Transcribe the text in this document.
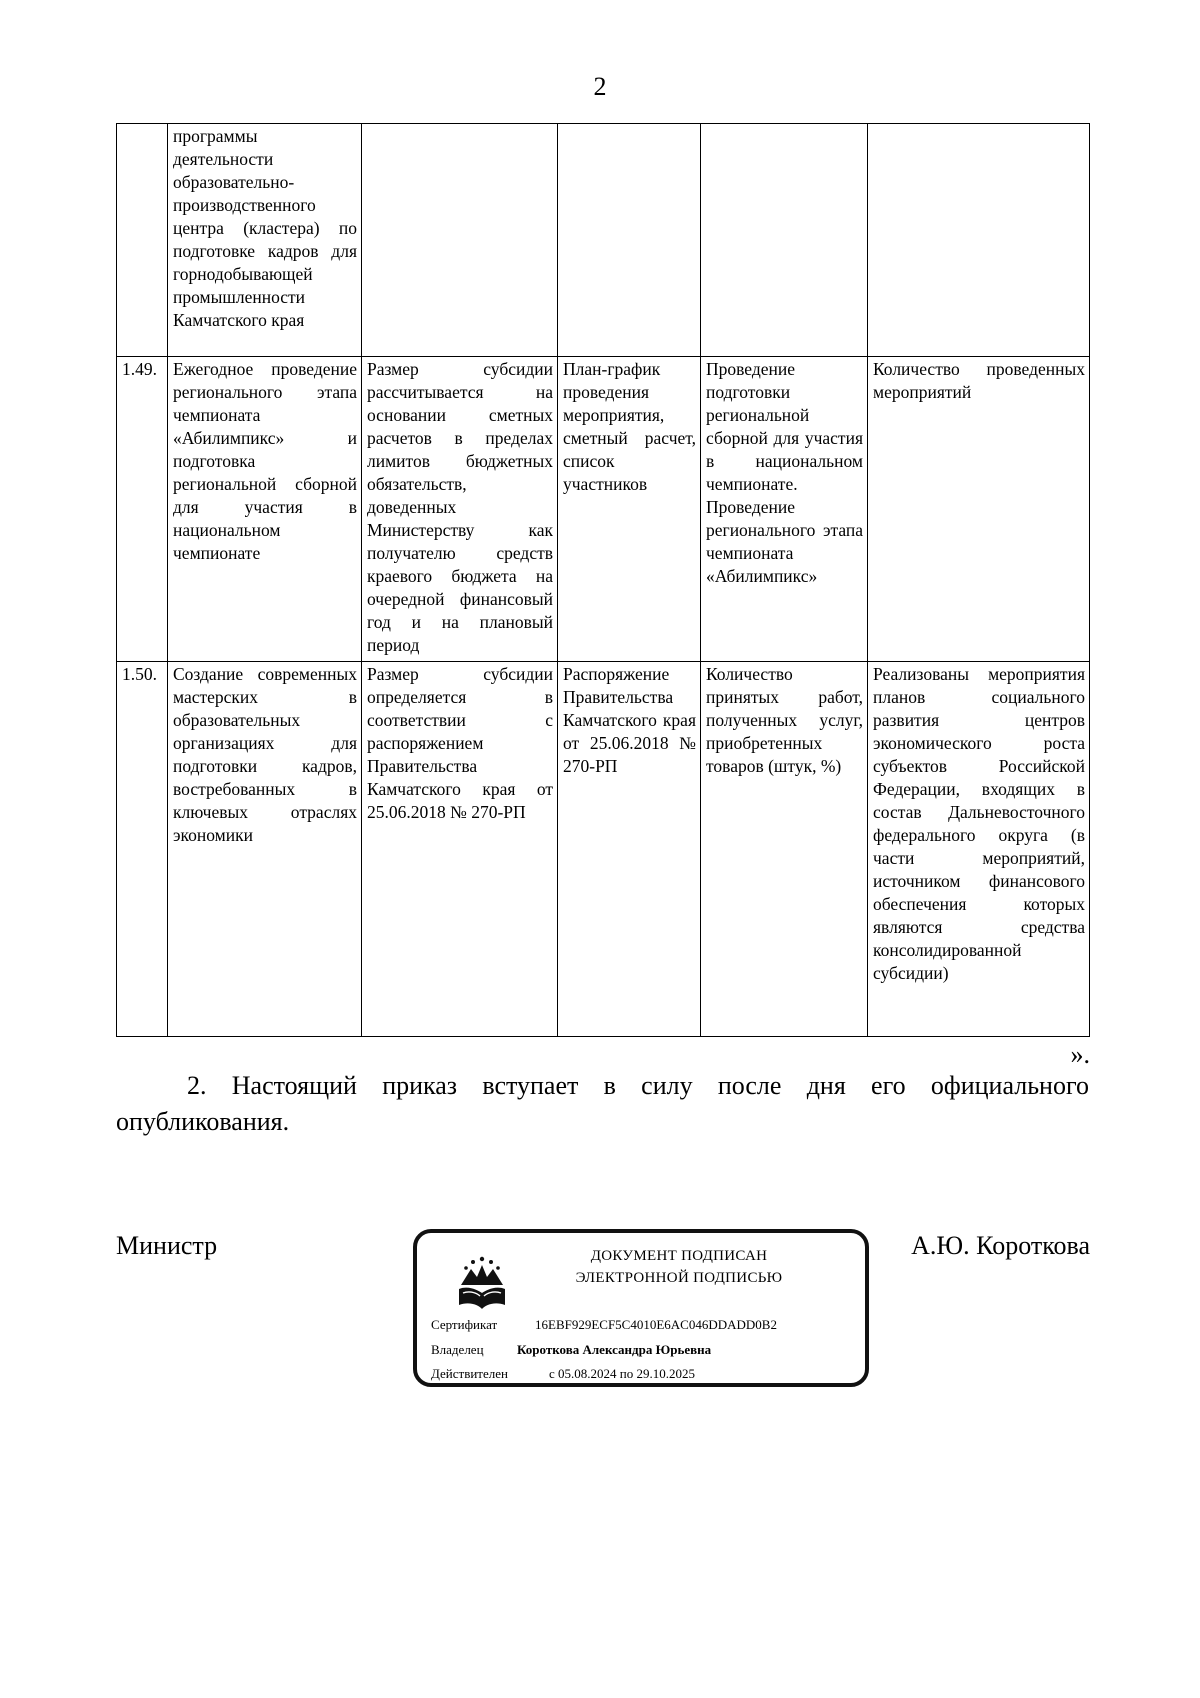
2
	программы деятельности образовательно-производственного центра (кластера) по подготовке кадров для горнодобывающей промышленности Камчатского края				
1.49.	Ежегодное проведение регионального этапа чемпионата «Абилимпикс» и подготовка региональной сборной для участия в национальном чемпионате	Размер субсидии рассчитывается на основании сметных расчетов в пределах лимитов бюджетных обязательств, доведенных Министерству как получателю средств краевого бюджета на очередной финансовый год и на плановый период	План-график проведения мероприятия, сметный расчет, список участников	Проведение подготовки региональной сборной для участия в национальном чемпионате. Проведение регионального этапа чемпионата «Абилимпикс»	Количество проведенных мероприятий
1.50.	Создание современных мастерских в образовательных организациях для подготовки кадров, востребованных в ключевых отраслях экономики	Размер субсидии определяется в соответствии с распоряжением Правительства Камчатского края от 25.06.2018 № 270-РП	Распоряжение Правительства Камчатского края от 25.06.2018 № 270-РП	Количество принятых работ, полученных услуг, приобретенных товаров (штук, %)	Реализованы мероприятия планов социального развития центров экономического роста субъектов Российской Федерации, входящих в состав Дальневосточного федерального округа (в части мероприятий, источником финансового обеспечения которых являются средства консолидированной субсидии)
».
2. Настоящий приказ вступает в силу после дня его официального опубликования.
Министр	ДОКУМЕНТ ПОДПИСАН
ЭЛЕКТРОННОЙ ПОДПИСЬЮ
Сертификат	16EBF929ECF5C4010E6AC046DDADD0B2
Владелец	Короткова Александра Юрьевна
Действителен	с 05.08.2024 по 29.10.2025
А.Ю. Короткова
